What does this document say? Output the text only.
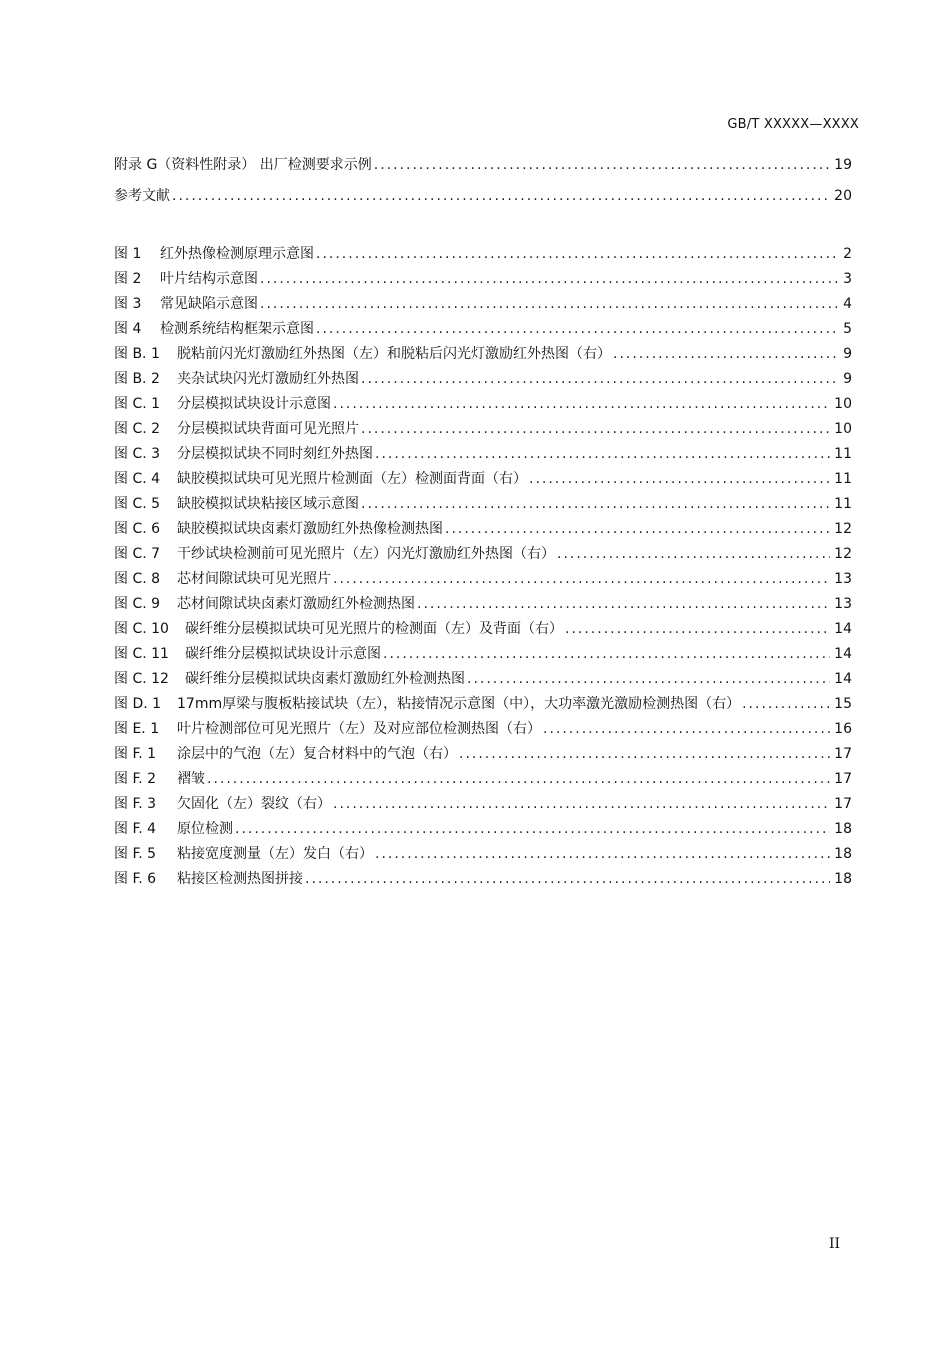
GB/T XXXXX—XXXX
附录 G（资料性附录） 出厂检测要求示例 .....	19
参考文献 .....	20
图 1	红外热像检测原理示意图 .....	2
图 2	叶片结构示意图 .....	3
图 3	常见缺陷示意图 .....	4
图 4	检测系统结构框架示意图 .....	5
图 B. 1	脱粘前闪光灯激励红外热图（左）和脱粘后闪光灯激励红外热图（右） .....	9
图 B. 2	夹杂试块闪光灯激励红外热图 .....	9
图 C. 1	分层模拟试块设计示意图 .....	10
图 C. 2	分层模拟试块背面可见光照片 .....	10
图 C. 3	分层模拟试块不同时刻红外热图 .....	11
图 C. 4	缺胶模拟试块可见光照片检测面（左）检测面背面（右） .....	11
图 C. 5	缺胶模拟试块粘接区域示意图 .....	11
图 C. 6	缺胶模拟试块卤素灯激励红外热像检测热图 .....	12
图 C. 7	干纱试块检测前可见光照片（左）闪光灯激励红外热图（右） .....	12
图 C. 8	芯材间隙试块可见光照片 .....	13
图 C. 9	芯材间隙试块卤素灯激励红外检测热图 .....	13
图 C. 10	碳纤维分层模拟试块可见光照片的检测面（左）及背面（右） .....	14
图 C. 11	碳纤维分层模拟试块设计示意图 .....	14
图 C. 12	碳纤维分层模拟试块卤素灯激励红外检测热图 .....	14
图 D. 1	17mm厚梁与腹板粘接试块（左），粘接情况示意图（中），大功率激光激励检测热图（右） .....	15
图 E. 1	叶片检测部位可见光照片（左）及对应部位检测热图（右） .....	16
图 F. 1	涂层中的气泡（左）复合材料中的气泡（右） .....	17
图 F. 2	褶皱 .....	17
图 F. 3	欠固化（左）裂纹（右） .....	17
图 F. 4	原位检测 .....	18
图 F. 5	粘接宽度测量（左）发白（右） .....	18
图 F. 6	粘接区检测热图拼接 .....	18
II
